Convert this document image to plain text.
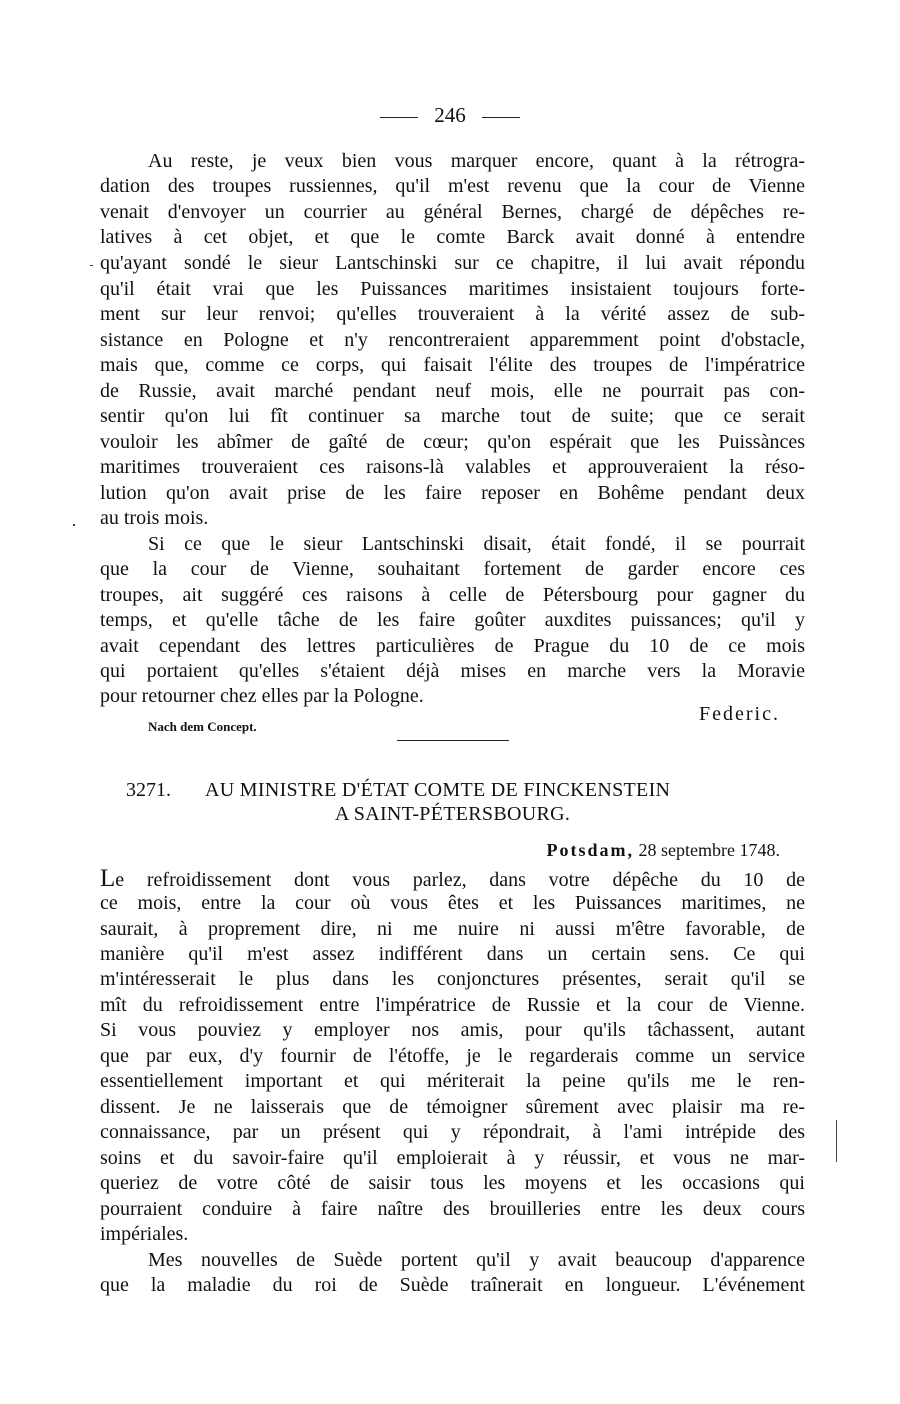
246
Au reste, je veux bien vous marquer encore, quant à la rétrogra-
dation des troupes russiennes, qu'il m'est revenu que la cour de Vienne
venait d'envoyer un courrier au général Bernes, chargé de dépêches re-
latives à cet objet, et que le comte Barck avait donné à entendre
qu'ayant sondé le sieur Lantschinski sur ce chapitre, il lui avait répondu
qu'il était vrai que les Puissances maritimes insistaient toujours forte-
ment sur leur renvoi; qu'elles trouveraient à la vérité assez de sub-
sistance en Pologne et n'y rencontreraient apparemment point d'obstacle,
mais que, comme ce corps, qui faisait l'élite des troupes de l'impératrice
de Russie, avait marché pendant neuf mois, elle ne pourrait pas con-
sentir qu'on lui fît continuer sa marche tout de suite; que ce serait
vouloir les abîmer de gaîté de cœur; qu'on espérait que les Puissànces
maritimes trouveraient ces raisons-là valables et approuveraient la réso-
lution qu'on avait prise de les faire reposer en Bohême pendant deux
au trois mois.
Si ce que le sieur Lantschinski disait, était fondé, il se pourrait
que la cour de Vienne, souhaitant fortement de garder encore ces
troupes, ait suggéré ces raisons à celle de Pétersbourg pour gagner du
temps, et qu'elle tâche de les faire goûter auxdites puissances; qu'il y
avait cependant des lettres particulières de Prague du 10 de ce mois
qui portaient qu'elles s'étaient déjà mises en marche vers la Moravie
pour retourner chez elles par la Pologne.
Federic.
Nach dem Concept.
3271. AU MINISTRE D'ÉTAT COMTE DE FINCKENSTEIN
A SAINT-PÉTERSBOURG.
Potsdam, 28 septembre 1748.
Le refroidissement dont vous parlez, dans votre dépêche du 10 de
ce mois, entre la cour où vous êtes et les Puissances maritimes, ne
saurait, à proprement dire, ni me nuire ni aussi m'être favorable, de
manière qu'il m'est assez indifférent dans un certain sens. Ce qui
m'intéresserait le plus dans les conjonctures présentes, serait qu'il se
mît du refroidissement entre l'impératrice de Russie et la cour de Vienne.
Si vous pouviez y employer nos amis, pour qu'ils tâchassent, autant
que par eux, d'y fournir de l'étoffe, je le regarderais comme un service
essentiellement important et qui mériterait la peine qu'ils me le ren-
dissent. Je ne laisserais que de témoigner sûrement avec plaisir ma re-
connaissance, par un présent qui y répondrait, à l'ami intrépide des
soins et du savoir-faire qu'il emploierait à y réussir, et vous ne mar-
queriez de votre côté de saisir tous les moyens et les occasions qui
pourraient conduire à faire naître des brouilleries entre les deux cours
impériales.
Mes nouvelles de Suède portent qu'il y avait beaucoup d'apparence
que la maladie du roi de Suède traînerait en longueur. L'événement
